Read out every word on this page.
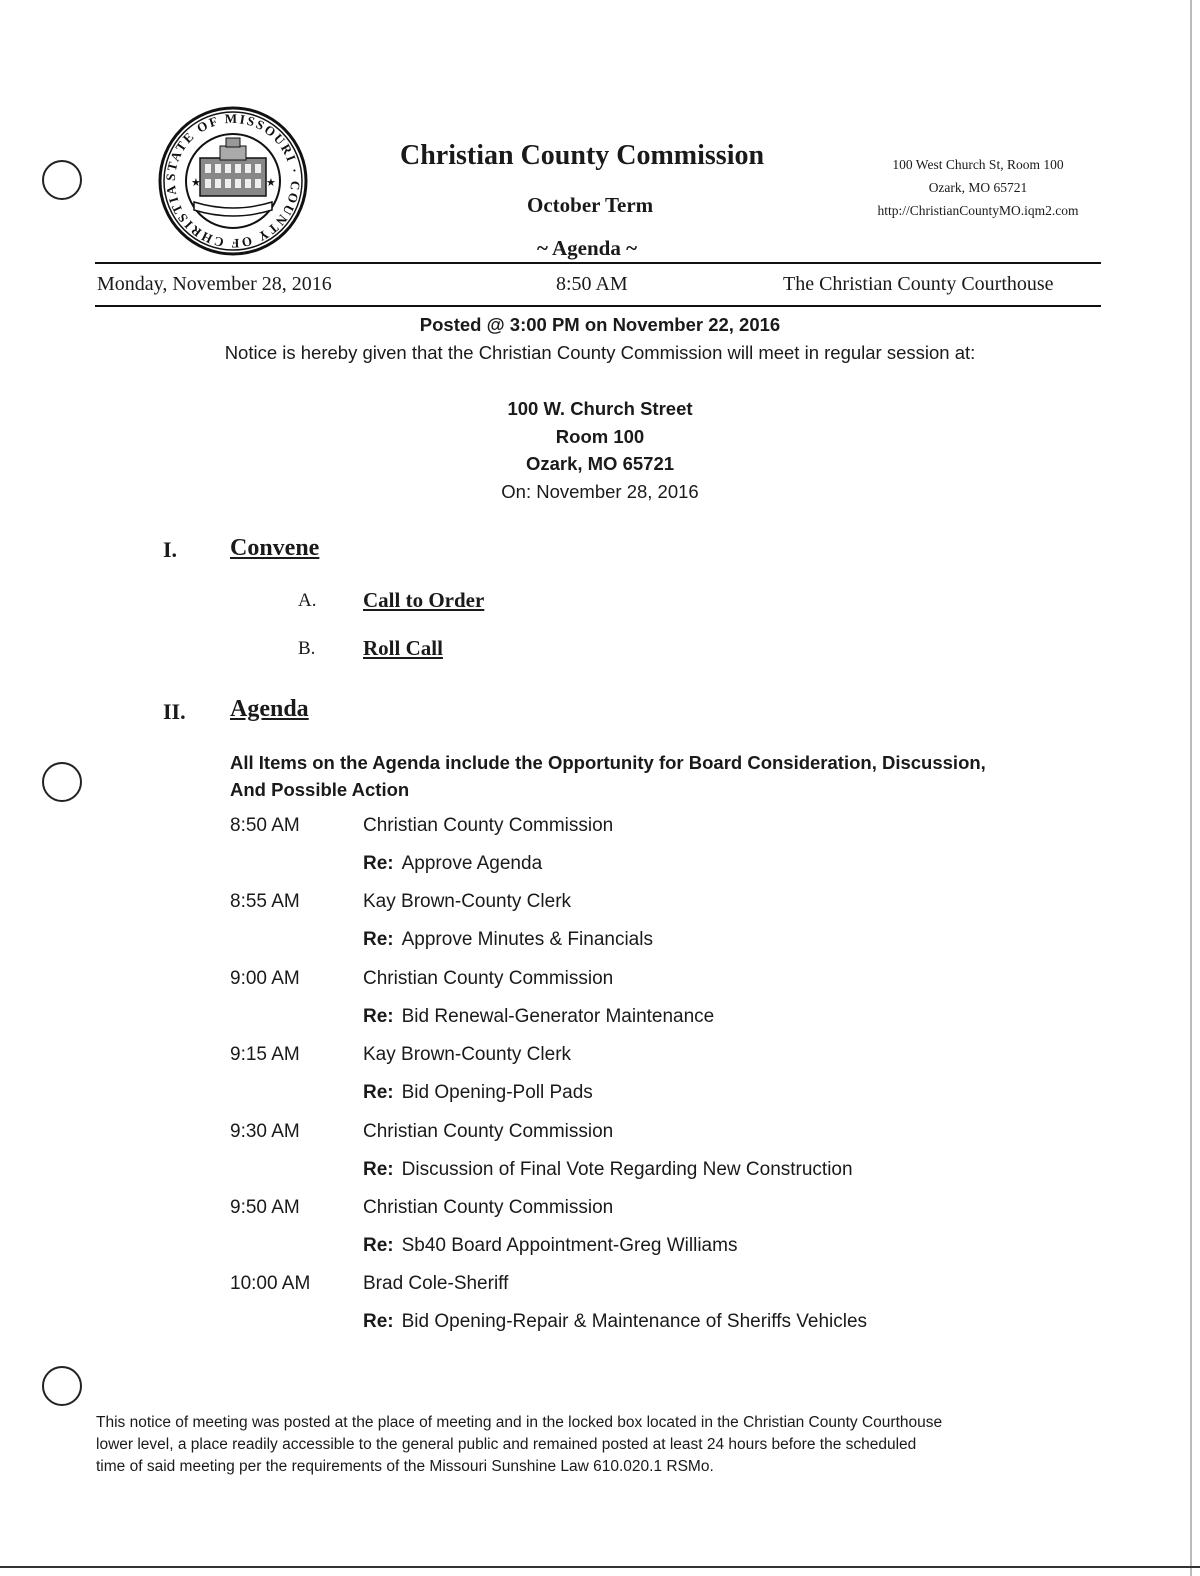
STATE OF MISSOURI · COUNTY OF CHRISTIA	★	★
Christian County Commission
October Term
~ Agenda ~
100 West Church St, Room 100
Ozark, MO 65721
http://ChristianCountyMO.iqm2.com
Monday, November 28, 2016	8:50 AM	The Christian County Courthouse
Posted @ 3:00 PM on November 22, 2016
Notice is hereby given that the Christian County Commission will meet in regular session at:
100 W. Church Street
Room 100
Ozark, MO 65721
On: November 28, 2016
I. Convene
A. Call to Order
B. Roll Call
II. Agenda
All Items on the Agenda include the Opportunity for Board Consideration, Discussion,
And Possible Action
8:50 AM	Christian County Commission
Re: Approve Agenda
8:55 AM	Kay Brown-County Clerk
Re: Approve Minutes & Financials
9:00 AM	Christian County Commission
Re: Bid Renewal-Generator Maintenance
9:15 AM	Kay Brown-County Clerk
Re: Bid Opening-Poll Pads
9:30 AM	Christian County Commission
Re: Discussion of Final Vote Regarding New Construction
9:50 AM	Christian County Commission
Re: Sb40 Board Appointment-Greg Williams
10:00 AM	Brad Cole-Sheriff
Re: Bid Opening-Repair & Maintenance of Sheriffs Vehicles
This notice of meeting was posted at the place of meeting and in the locked box located in the Christian County Courthouse
lower level, a place readily accessible to the general public and remained posted at least 24 hours before the scheduled
time of said meeting per the requirements of the Missouri Sunshine Law 610.020.1 RSMo.
